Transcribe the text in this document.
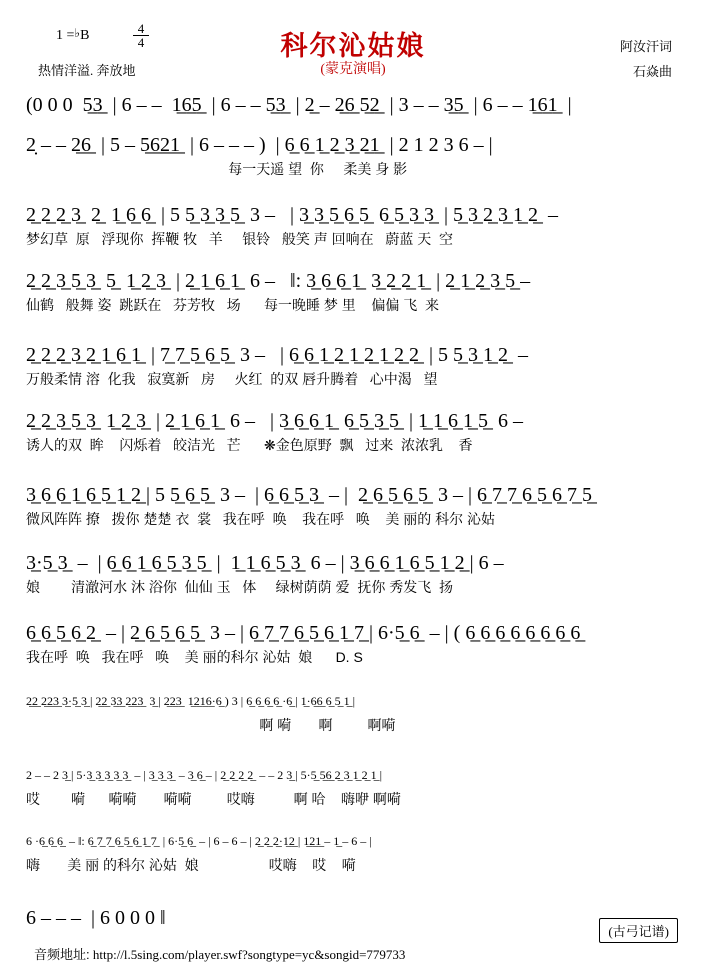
1 =♭B	$\frac{4}{4}$
热情洋溢. 奔放地
科尔沁姑娘
(蒙克演唱)
阿汝汗词
石焱曲
(0 0 0  5̲3̲  | 6 – –  1̲6̲5̲  | 6 – – 5̲3̲  | 2̲ – 2̲6̲ 5̲2̲  | 3 – – 3̲5̲  | 6 – – 1̲6̲1̲  |
2̣ – – 2̲6̲  | 5 – 5̲6̲2̲1̲  | 6 – – – )  | 6̲ 6̲ 1̲ 2̲ 3̲ 2̲1̲  | 2 1 2 3 6 – |
每一天遥 望  你     柔美 身 影
2̲ 2̲ 2̲ 3̲  2̲  1̲ 6̲ 6̲  | 5 5̲ 3̲ 3̲ 5̲  3 –   | 3̲ 3̲ 5̲ 6̲ 5̲  6̲ 5̲ 3̲ 3̲  | 5̲ 3̲ 2̲ 3̲ 1̲ 2̲  –
梦幻草  原   浮现你  挥鞭 牧   羊     银铃   般笑 声 回响在   蔚蓝 天  空
2̲ 2̲ 3̲ 5̲ 3̲  5̲  1̲ 2̲ 3̲  | 2̲ 1̲ 6̲ 1̲  6 –   ‖: 3̲ 6̲ 6̲ 1̲  3̲ 2̲ 2̲ 1̲  | 2̲ 1̲ 2̲ 3̲ 5̲ –
仙鹤   般舞 姿  跳跃在   芬芳牧   场      每一晚睡 梦 里    偏偏 飞  来
2̲ 2̲ 2̲ 3̲ 2̲ 1̲ 6̲ 1̲  | 7̲ 7̲ 5̲ 6̲ 5̲  3 –   | 6̲ 6̲ 1̲ 2̲ 1̲ 2̲ 1̲ 2̲ 2̲  | 5 5̲ 3̲ 1̲ 2̲  –
万般柔情 溶  化我   寂寞新   房     火红  的双 唇升腾着   心中渴   望
2̲ 2̲ 3̲ 5̲ 3̲  1̲ 2̲ 3̲  | 2̲ 1̲ 6̲ 1̲  6 –   | 3̲ 6̲ 6̲ 1̲  6̲ 5̲ 3̲ 5̲  | 1̲ 1̲ 6̲ 1̲ 5̲  6 –
诱人的双  眸    闪烁着   皎洁光   芒      ❋金色原野  飘   过来  浓浓乳    香
3̲ 6̲ 6̲ 1̲ 6̲ 5̲ 1̲ 2̲ | 5 5̲ 6̲ 5̲  3 –  | 6̲ 6̲ 5̲ 3̲  – |  2̲ 6̲ 5̲ 6̲ 5̲  3 – | 6̲ 7̲ 7̲ 6̲ 5̲ 6̲ 7̲ 5̲
微风阵阵 撩   拨你 楚楚 衣  裳   我在呼  唤    我在呼   唤    美 丽的 科尔 沁姑
3̲·5̲ 3̲  –  | 6̲ 6̲ 1̲ 6̲ 5̲ 3̲ 5̲  |  1̲ 1̲ 6̲ 5̲ 3̲  6 – | 3̲ 6̲ 6̲ 1̲ 6̲ 5̲ 1̲ 2̲ | 6 –
娘        清澈河水 沐 浴你  仙仙 玉   体     绿树荫荫 爱  抚你 秀发飞  扬
6̲ 6̲ 5̲ 6̲ 2̲  – | 2̲ 6̲ 5̲ 6̲ 5̲  3 – | 6̲ 7̲ 7̲ 6̲ 5̲ 6̲ 1̲ 7̲ | 6·5̲ 6̲  – | ( 6̲ 6̲ 6̲ 6̲ 6̲ 6̲ 6̲ 6̲
我在呼  唤   我在呼   唤    美 丽的科尔 沁姑  娘      D. S
2̲2̲ 2̲2̲3̲ 3̲·5̲ 3̲ | 2̲2̲ 3̲3̲ 2̲2̲3̲  3̲ | 2̲2̲3̲  1̲2̲1̲6̲·6̲ ) 3 | 6̲ 6̲ 6̲ 6̲ ·6̲ | 1̲·6̲6̲ 6̲ 5̲ 1̲ |
啊 嗬       啊         啊嗬
2 – – 2 3̲ | 5·3̲ 3̲ 3̲ 3̲ 3̲  – | 3̲ 3̲ 3̲  – 3̲ 6̲ – | 2̲ 2̲ 2̲ 2̲  – – 2 3̲ | 5·5̲ 5̲6̲ 2̲ 3̲ 1̲ 2̲ 1̲ |
哎        嗬      嗬嗬       嗬嗬         哎嗨          啊 哈    嗨咿 啊嗬
6 ·6̲ 6̲ 6̲  – ‖: 6̲ 7̲ 7̲ 6̲ 5̲ 6̲ 1̲ 7̲  | 6·5̲ 6̲  – | 6 – 6 – | 2̲ 2̲ 2̲·1̲2̲ | 1̲2̲1̲ – 1̲ – 6 – |
嗨       美 丽 的科尔 沁姑  娘                  哎嗨    哎    嗬
6 – – –  | 6 0 0 0 ‖
(古弓记谱)
音频地址: http://l.5sing.com/player.swf?songtype=yc&songid=779733
